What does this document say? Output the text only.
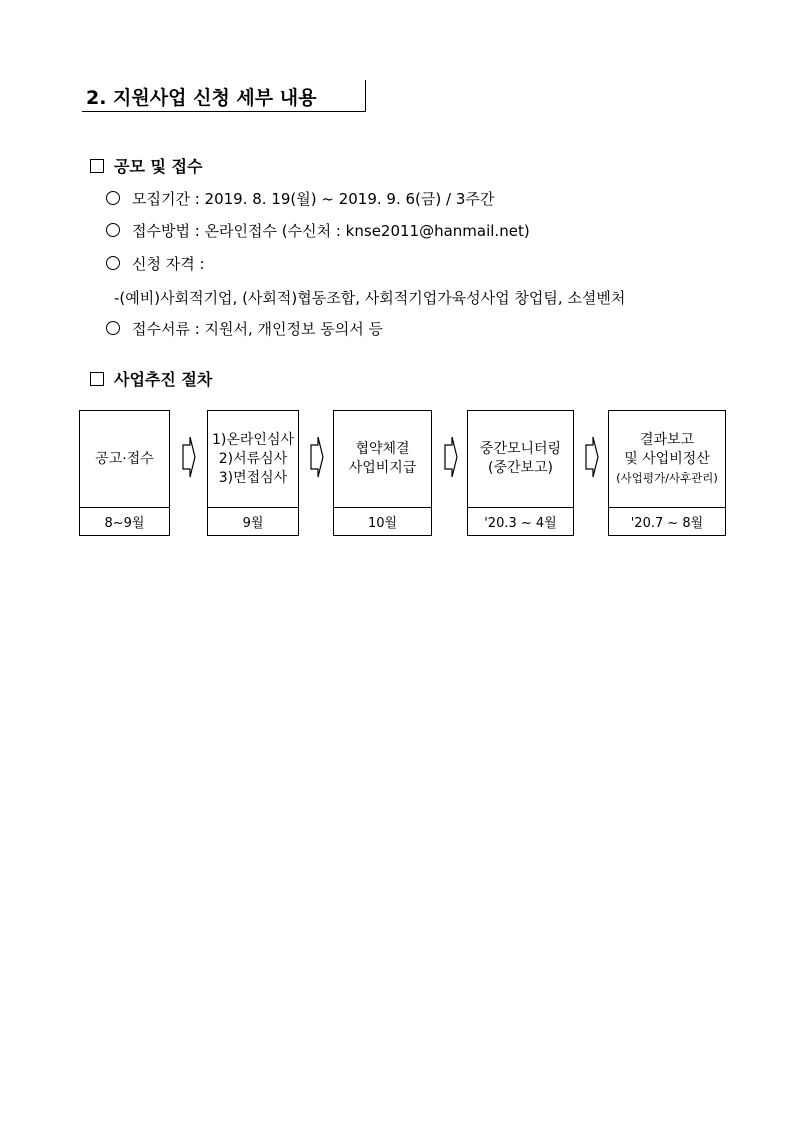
2. 지원사업 신청 세부 내용
공모 및 접수
모집기간 : 2019. 8. 19(월) ~ 2019. 9. 6(금) / 3주간
접수방법 : 온라인접수 (수신처 : knse2011@hanmail.net)
신청 자격 :
-(예비)사회적기업, (사회적)협동조합, 사회적기업가육성사업 창업팀, 소셜벤처
접수서류 : 지원서, 개인정보 동의서 등
사업추진 절차
공고·접수
8~9월
1)온라인심사
2)서류심사
3)면접심사
9월
협약체결
사업비지급
10월
중간모니터링
(중간보고)
'20.3 ~ 4월
결과보고
및 사업비정산
(사업평가/사후관리)
'20.7 ~ 8월
